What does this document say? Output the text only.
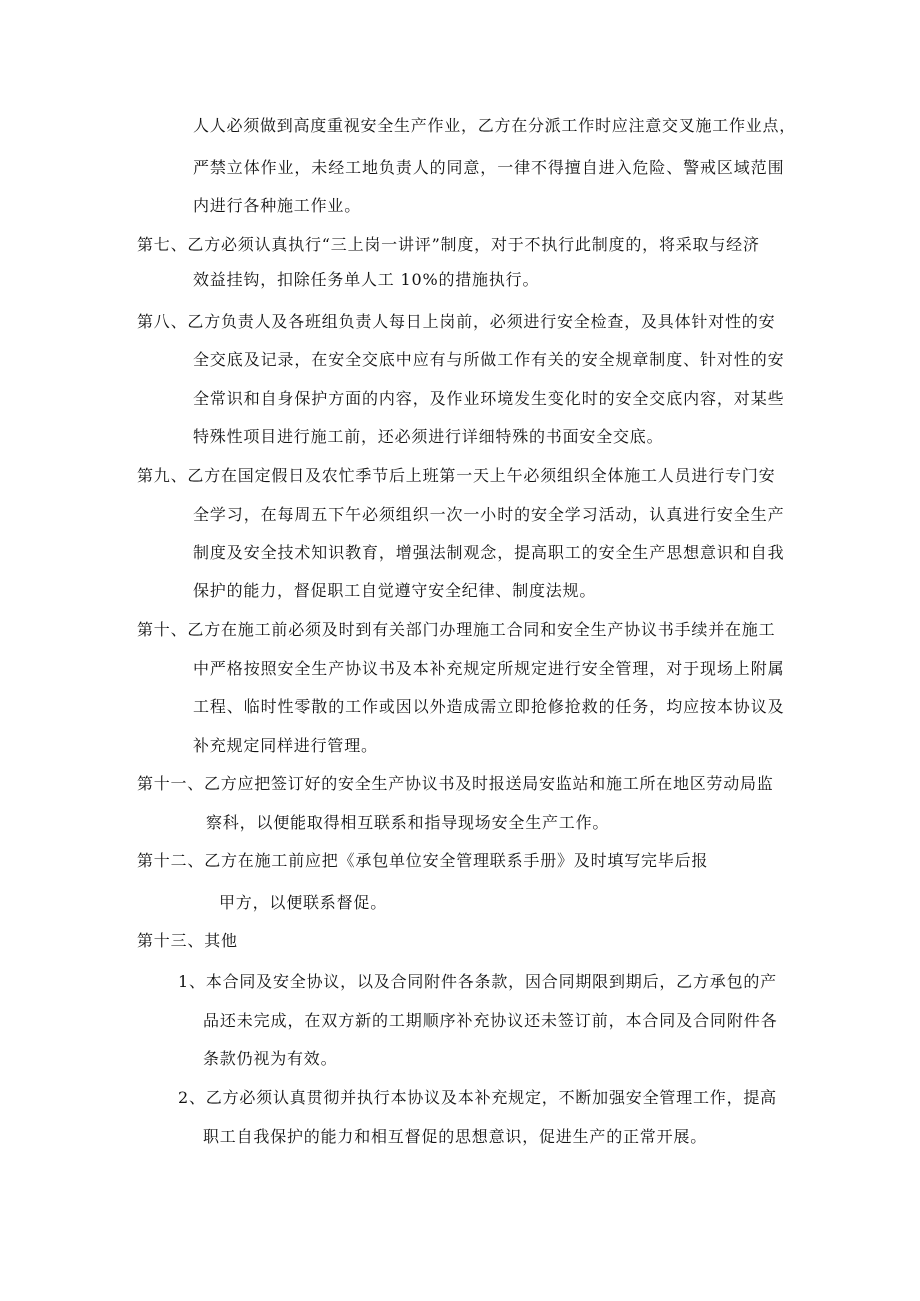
人人必须做到高度重视安全生产作业，乙方在分派工作时应注意交叉施工作业点，
严禁立体作业，未经工地负责人的同意，一律不得擅自进入危险、警戒区域范围
内进行各种施工作业。
第七、乙方必须认真执行“三上岗一讲评”制度，对于不执行此制度的，将采取与经济
效益挂钩，扣除任务单人工 10%的措施执行。
第八、乙方负责人及各班组负责人每日上岗前，必须进行安全检查，及具体针对性的安
全交底及记录，在安全交底中应有与所做工作有关的安全规章制度、针对性的安
全常识和自身保护方面的内容，及作业环境发生变化时的安全交底内容，对某些
特殊性项目进行施工前，还必须进行详细特殊的书面安全交底。
第九、乙方在国定假日及农忙季节后上班第一天上午必须组织全体施工人员进行专门安
全学习，在每周五下午必须组织一次一小时的安全学习活动，认真进行安全生产
制度及安全技术知识教育，增强法制观念，提高职工的安全生产思想意识和自我
保护的能力，督促职工自觉遵守安全纪律、制度法规。
第十、乙方在施工前必须及时到有关部门办理施工合同和安全生产协议书手续并在施工
中严格按照安全生产协议书及本补充规定所规定进行安全管理，对于现场上附属
工程、临时性零散的工作或因以外造成需立即抢修抢救的任务，均应按本协议及
补充规定同样进行管理。
第十一、乙方应把签订好的安全生产协议书及时报送局安监站和施工所在地区劳动局监
察科，以便能取得相互联系和指导现场安全生产工作。
第十二、乙方在施工前应把《承包单位安全管理联系手册》及时填写完毕后报
甲方，以便联系督促。
第十三、其他
1、本合同及安全协议，以及合同附件各条款，因合同期限到期后，乙方承包的产
品还未完成，在双方新的工期顺序补充协议还未签订前，本合同及合同附件各
条款仍视为有效。
2、乙方必须认真贯彻并执行本协议及本补充规定，不断加强安全管理工作，提高
职工自我保护的能力和相互督促的思想意识，促进生产的正常开展。
